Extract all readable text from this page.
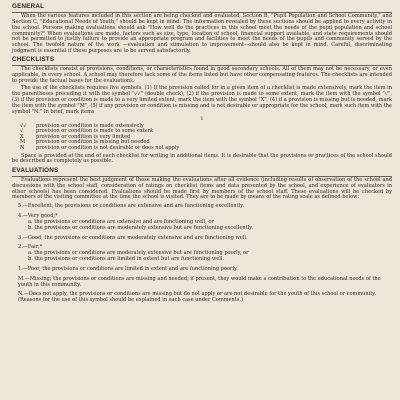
GENERAL

When the various features included in this section are being checked and evaluated, Section B, "Pupil Population and School Community," and Section C, "Educational Needs of Youth," should be kept in mind. The information revealed by these sections should be applied to every activity in the school. Persons making evaluations should ask "How well do the practices in this school meet the needs of the pupil population and school community?" When evaluations are made, factors such as size, type, location of school, financial support available, and state requirements should not be permitted to justify failure to provide an appropriate program and facilities to meet the needs of the pupils and community served by the school. The twofold nature of the work —evaluation and stimulation to improvement—should also be kept in mind. Careful, discriminating judgment is essential if these purposes are to be served satisfactorily.

CHECKLISTS

The checklists consist of provisions, conditions, or characteristics found in good secondary schools. All of them may not be necessary, or even applicable, in every school. A school may therefore lack some of the items listed but have other compensating features. The checklists are intended to provide the factual bases for the evaluations.

The use of the checklists requires five symbols. (1) If the provision called for in a given item of a checklist is made extensively, mark the item in the parentheses preceding it with the symbol "√√" (double check), (2) if the provision is made to some extent, mark the item with the symbol "√", (3) if the provision or condition is made to a very limited extent, mark the item with the symbol "X", (4) if a provision is missing but is needed, mark the item with the symbol "M", (5) if any provision or condition is missing and is not desirable or appropriate for the school, mark such item with the symbol "N." In brief, mark items

1
√√	provision or condition is made extensively
√	provision or condition is made to some extent
X	provision or condition is very limited
M	provision or condition is missing but needed
N	provision or condition is not desirable or does not apply

Space is provided at the end of each checklist for writing in additional items. It is desirable that the provisions or practices of the school should be described as completely as possible.

EVALUATIONS

Evaluations represent the best judgment of those making the evaluations after all evidence (including results of observation of the school and discussions with the school staff, consideration of ratings on checklist items and data presented by the school, and experience of evaluators in other schools) has been considered. Evaluations should be made first by members of the school staff. These evaluations will be checked by members of the visiting committee at the time the school is visited. They are to be made by means of the rating scale as defined below:

5.—Excellent, the provisions or conditions are extensive and are functioning excellently.
4.—Very good;*
a. the provisions or conditions are extensive and are functioning well, or
b. the provisions or conditions are moderately extensive but are functioning excellently.
3.—Good, the provisions or conditions are moderately extensive and are functioning well.
2.—Fair;*
a. the provisions or conditions are moderately extensive but are functioning poorly, or
b. the provisions or conditions are limited in extent but are functioning well.
1.—Poor, the provisions or conditions are limited in extent and are functioning poorly.
M.—Missing; the provisions or conditions are missing and needed; if present, they would make a contribution to the educational needs of the youth in this community.
N.—Does not apply, the provisions or conditions are missing but do not apply or are not desirable for the youth of this school or community. (Reasons for the use of this symbol should be explained in each case under Comments.)
